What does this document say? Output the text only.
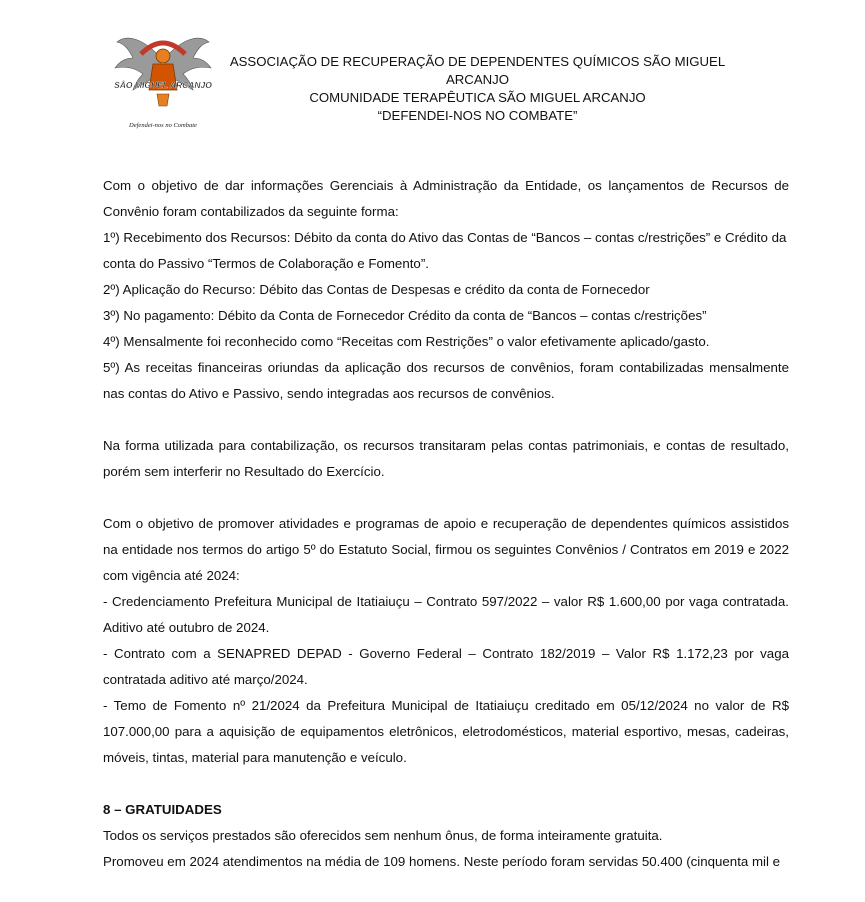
SÃO MIGUEL ARCANJO
Defendei-nos no Combate
ASSOCIAÇÃO DE RECUPERAÇÃO DE DEPENDENTES QUÍMICOS SÃO MIGUEL ARCANJO
COMUNIDADE TERAPÊUTICA SÃO MIGUEL ARCANJO
“DEFENDEI-NOS NO COMBATE”

Com o objetivo de dar informações Gerenciais à Administração da Entidade, os lançamentos de Recursos de Convênio foram contabilizados da seguinte forma:

1º) Recebimento dos Recursos: Débito da conta do Ativo das Contas de “Bancos – contas c/restrições” e Crédito da conta do Passivo “Termos de Colaboração e Fomento”.

2º) Aplicação do Recurso: Débito das Contas de Despesas e crédito da conta de Fornecedor

3º) No pagamento: Débito da Conta de Fornecedor Crédito da conta de “Bancos – contas c/restrições”

4º) Mensalmente foi reconhecido como “Receitas com Restrições” o valor efetivamente aplicado/gasto.

5º) As receitas financeiras oriundas da aplicação dos recursos de convênios, foram contabilizadas mensalmente nas contas do Ativo e Passivo, sendo integradas aos recursos de convênios.

Na forma utilizada para contabilização, os recursos transitaram pelas contas patrimoniais, e contas de resultado, porém sem interferir no Resultado do Exercício.

Com o objetivo de promover atividades e programas de apoio e recuperação de dependentes químicos assistidos na entidade nos termos do artigo 5º do Estatuto Social, firmou os seguintes Convênios / Contratos em 2019 e 2022 com vigência até 2024:

- Credenciamento Prefeitura Municipal de Itatiaiuçu – Contrato 597/2022 – valor R$ 1.600,00 por vaga contratada. Aditivo até outubro de 2024.

- Contrato com a SENAPRED DEPAD - Governo Federal – Contrato 182/2019 – Valor R$ 1.172,23 por vaga contratada aditivo até março/2024.

- Temo de Fomento nº 21/2024 da Prefeitura Municipal de Itatiaiuçu creditado em 05/12/2024 no valor de R$ 107.000,00 para a aquisição de equipamentos eletrônicos, eletrodomésticos, material esportivo, mesas, cadeiras, móveis, tintas, material para manutenção e veículo.

8 – GRATUIDADES

Todos os serviços prestados são oferecidos sem nenhum ônus, de forma inteiramente gratuita.

Promoveu em 2024 atendimentos na média de 109 homens. Neste período foram servidas 50.400 (cinquenta mil e
